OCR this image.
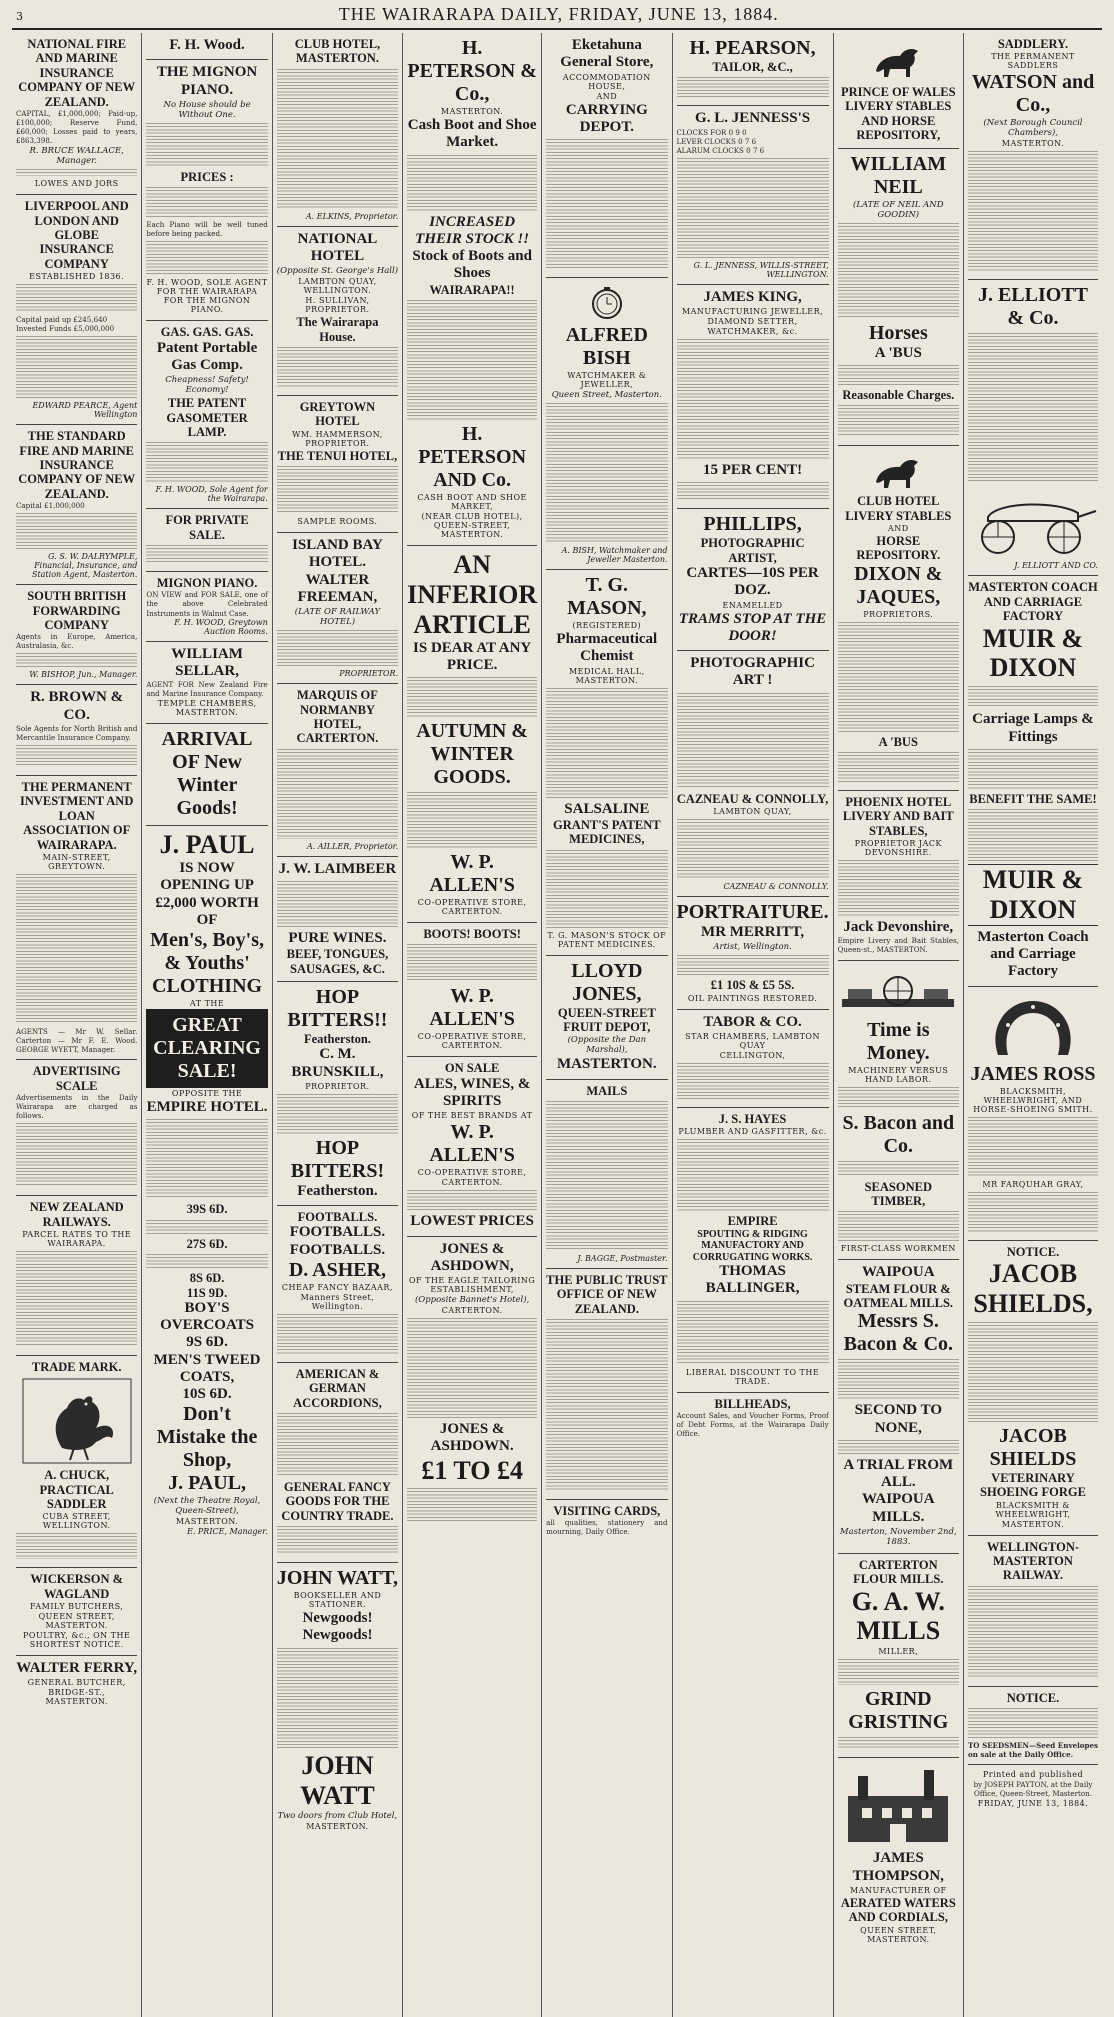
3	THE WAIRARAPA DAILY, FRIDAY, JUNE 13, 1884.

NATIONAL FIRE AND MARINE INSURANCE COMPANY OF NEW ZEALAND.
CAPITAL, £1,000,000; Paid-up, £100,000; Reserve Fund, £60,000; Losses paid to years, £863,398.
R. BRUCE WALLACE, Manager.
LOWES AND JORS
LIVERPOOL AND LONDON AND GLOBE INSURANCE COMPANY
ESTABLISHED 1836.
Capital paid up £245,640
Invested Funds £5,000,000
EDWARD PEARCE, Agent Wellington
THE STANDARD FIRE AND MARINE INSURANCE COMPANY OF NEW ZEALAND.
Capital £1,000,000
G. S. W. DALRYMPLE, Financial, Insurance, and Station Agent, Masterton.
SOUTH BRITISH FORWARDING COMPANY
Agents in Europe, America, Australasia, &c.
W. BISHOP, Jun., Manager.
R. BROWN & CO.
Sole Agents for North British and Mercantile Insurance Company.
THE PERMANENT INVESTMENT AND LOAN ASSOCIATION OF WAIRARAPA.
MAIN-STREET, GREYTOWN.
AGENTS — Mr W. Sellar. Carterton — Mr F. E. Wood. GEORGE WYETT, Manager.
ADVERTISING SCALE
Advertisements in the Daily Wairarapa are charged as follows.
NEW ZEALAND RAILWAYS.
PARCEL RATES TO THE WAIRARAPA.
TRADE MARK.
A. CHUCK, PRACTICAL SADDLER
CUBA STREET, WELLINGTON.
WICKERSON & WAGLAND
FAMILY BUTCHERS,
QUEEN STREET, MASTERTON.
POULTRY, &c., ON THE SHORTEST NOTICE.
WALTER FERRY,
GENERAL BUTCHER,
BRIDGE-ST., MASTERTON.
F. H. Wood.
THE MIGNON PIANO.
No House should be Without One.
PRICES :
Each Piano will be well tuned before being packed.
F. H. WOOD, SOLE AGENT FOR THE WAIRARAPA FOR THE MIGNON PIANO.
GAS. GAS. GAS.
Patent Portable Gas Comp.
Cheapness! Safety! Economy!
THE PATENT GASOMETER LAMP.
F. H. WOOD, Sole Agent for the Wairarapa.
FOR PRIVATE SALE.
MIGNON PIANO.
ON VIEW and FOR SALE, one of the above Celebrated Instruments in Walnut Case.
F. H. WOOD, Greytown Auction Rooms.
WILLIAM SELLAR,
AGENT FOR New Zealand Fire and Marine Insurance Company.
TEMPLE CHAMBERS, MASTERTON.
ARRIVAL OF New Winter Goods!
J. PAUL
IS NOW OPENING UP
£2,000 WORTH OF
Men's, Boy's, & Youths' CLOTHING
AT THE
GREAT CLEARING SALE!
OPPOSITE THE
EMPIRE HOTEL.
39S 6D.
27S 6D.
8S 6D.
11S 9D.
BOY'S OVERCOATS
9S 6D.
MEN'S TWEED COATS,
10S 6D.
Don't Mistake the Shop,
J. PAUL,
(Next the Theatre Royal, Queen-Street),
MASTERTON.
E. PRICE, Manager.
CLUB HOTEL, MASTERTON.
A. ELKINS, Proprietor.
NATIONAL HOTEL
(Opposite St. George's Hall)
LAMBTON QUAY, WELLINGTON.
H. SULLIVAN, PROPRIETOR.
The Wairarapa House.
GREYTOWN HOTEL
WM. HAMMERSON, PROPRIETOR.
THE TENUI HOTEL,
SAMPLE ROOMS.
ISLAND BAY HOTEL.
WALTER FREEMAN,
(LATE OF RAILWAY HOTEL)
PROPRIETOR.
MARQUIS OF NORMANBY HOTEL, CARTERTON.
A. AILLER, Proprietor.
J. W. LAIMBEER
PURE WINES.
BEEF, TONGUES, SAUSAGES, &C.
HOP BITTERS!!
Featherston.
C. M. BRUNSKILL,
PROPRIETOR.
HOP BITTERS!
Featherston.
FOOTBALLS.
FOOTBALLS. FOOTBALLS.
D. ASHER,
CHEAP FANCY BAZAAR,
Manners Street, Wellington.
AMERICAN & GERMAN ACCORDIONS,
GENERAL FANCY GOODS FOR THE COUNTRY TRADE.
JOHN WATT,
BOOKSELLER AND STATIONER.
Newgoods! Newgoods!
JOHN WATT
Two doors from Club Hotel,
MASTERTON.
H. PETERSON & Co.,
MASTERTON.
Cash Boot and Shoe Market.
INCREASED THEIR STOCK !!
Stock of Boots and Shoes
WAIRARAPA!!
H. PETERSON AND Co.
CASH BOOT AND SHOE MARKET,
(NEAR CLUB HOTEL), QUEEN-STREET, MASTERTON.
AN INFERIOR ARTICLE
IS DEAR AT ANY PRICE.
AUTUMN & WINTER GOODS.
W. P. ALLEN'S
CO-OPERATIVE STORE, CARTERTON.
BOOTS! BOOTS!
W. P. ALLEN'S
CO-OPERATIVE STORE, CARTERTON.
ON SALE
ALES, WINES, & SPIRITS
OF THE BEST BRANDS AT
W. P. ALLEN'S
CO-OPERATIVE STORE,
CARTERTON.
LOWEST PRICES
JONES & ASHDOWN,
OF THE EAGLE TAILORING ESTABLISHMENT,
(Opposite Bannet's Hotel),
CARTERTON.
JONES & ASHDOWN.
£1 TO £4
Eketahuna General Store,
ACCOMMODATION HOUSE,
AND
CARRYING DEPOT.
ALFRED BISH
WATCHMAKER & JEWELLER,
Queen Street, Masterton.
A. BISH, Watchmaker and Jeweller Masterton.
T. G. MASON,
(REGISTERED)
Pharmaceutical Chemist
MEDICAL HALL, MASTERTON.
SALSALINE
GRANT'S PATENT MEDICINES,
T. G. MASON'S STOCK OF PATENT MEDICINES.
LLOYD JONES,
QUEEN-STREET FRUIT DEPOT,
(Opposite the Dan Marshal),
MASTERTON.
MAILS
J. BAGGE, Postmaster.
THE PUBLIC TRUST OFFICE OF NEW ZEALAND.
VISITING CARDS,
all qualities, stationery and mourning, Daily Office.
H. PEARSON,
TAILOR, &C.,
G. L. JENNESS'S
CLOCKS FOR 0 9 0
LEVER CLOCKS 0 7 6
ALARUM CLOCKS 0 7 6
G. L. JENNESS, WILLIS-STREET, WELLINGTON.
JAMES KING,
MANUFACTURING JEWELLER,
DIAMOND SETTER,
WATCHMAKER, &c.
15 PER CENT!
PHILLIPS,
PHOTOGRAPHIC ARTIST,
CARTES—10S PER DOZ.
ENAMELLED
TRAMS STOP AT THE DOOR!
PHOTOGRAPHIC ART !
CAZNEAU & CONNOLLY,
LAMBTON QUAY,
CAZNEAU & CONNOLLY.
PORTRAITURE.
MR MERRITT,
Artist, Wellington.
£1 10S & £5 5S.
OIL PAINTINGS RESTORED.
TABOR & CO.
STAR CHAMBERS, LAMBTON QUAY
CELLINGTON,
J. S. HAYES
PLUMBER AND GASFITTER, &c.
EMPIRE
SPOUTING & RIDGING MANUFACTORY AND CORRUGATING WORKS.
THOMAS BALLINGER,
LIBERAL DISCOUNT TO THE TRADE.
BILLHEADS,
Account Sales, and Voucher Forms, Proof of Debt Forms, at the Wairarapa Daily Office.
PRINCE OF WALES LIVERY STABLES AND HORSE REPOSITORY,
WILLIAM NEIL
(LATE OF NEIL AND GOODIN)
Horses
A 'BUS
Reasonable Charges.
CLUB HOTEL LIVERY STABLES
AND
HORSE REPOSITORY.
DIXON & JAQUES,
PROPRIETORS.
A 'BUS
PHOENIX HOTEL LIVERY AND BAIT STABLES,
PROPRIETOR JACK DEVONSHIRE.
Jack Devonshire,
Empire Livery and Bait Stables, Queen-st., MASTERTON.
Time is Money.
MACHINERY VERSUS HAND LABOR.
S. Bacon and Co.
SEASONED TIMBER,
FIRST-CLASS WORKMEN
WAIPOUA
STEAM FLOUR & OATMEAL MILLS.
Messrs S. Bacon & Co.
SECOND TO NONE,
A TRIAL FROM ALL.
WAIPOUA MILLS.
Masterton, November 2nd, 1883.
CARTERTON FLOUR MILLS.
G. A. W. MILLS
MILLER,
GRIND GRISTING
JAMES THOMPSON,
MANUFACTURER OF
AERATED WATERS AND CORDIALS,
QUEEN STREET, MASTERTON.
SADDLERY.
THE PERMANENT SADDLERS
WATSON and Co.,
(Next Borough Council Chambers),
MASTERTON.
J. ELLIOTT & Co.
J. ELLIOTT AND CO.
MASTERTON COACH AND CARRIAGE FACTORY
MUIR & DIXON
Carriage Lamps & Fittings
BENEFIT THE SAME!
MUIR & DIXON
Masterton Coach and Carriage Factory
JAMES ROSS
BLACKSMITH, WHEELWRIGHT, AND HORSE-SHOEING SMITH.
MR FARQUHAR GRAY,
NOTICE.
JACOB SHIELDS,
JACOB SHIELDS
VETERINARY SHOEING FORGE
BLACKSMITH & WHEELWRIGHT,
MASTERTON.
WELLINGTON-MASTERTON RAILWAY.
NOTICE.
TO SEEDSMEN—Seed Envelopes on sale at the Daily Office.
Printed and published
by JOSEPH PAYTON, at the Daily Office, Queen-Street, Masterton.
FRIDAY, JUNE 13, 1884.
